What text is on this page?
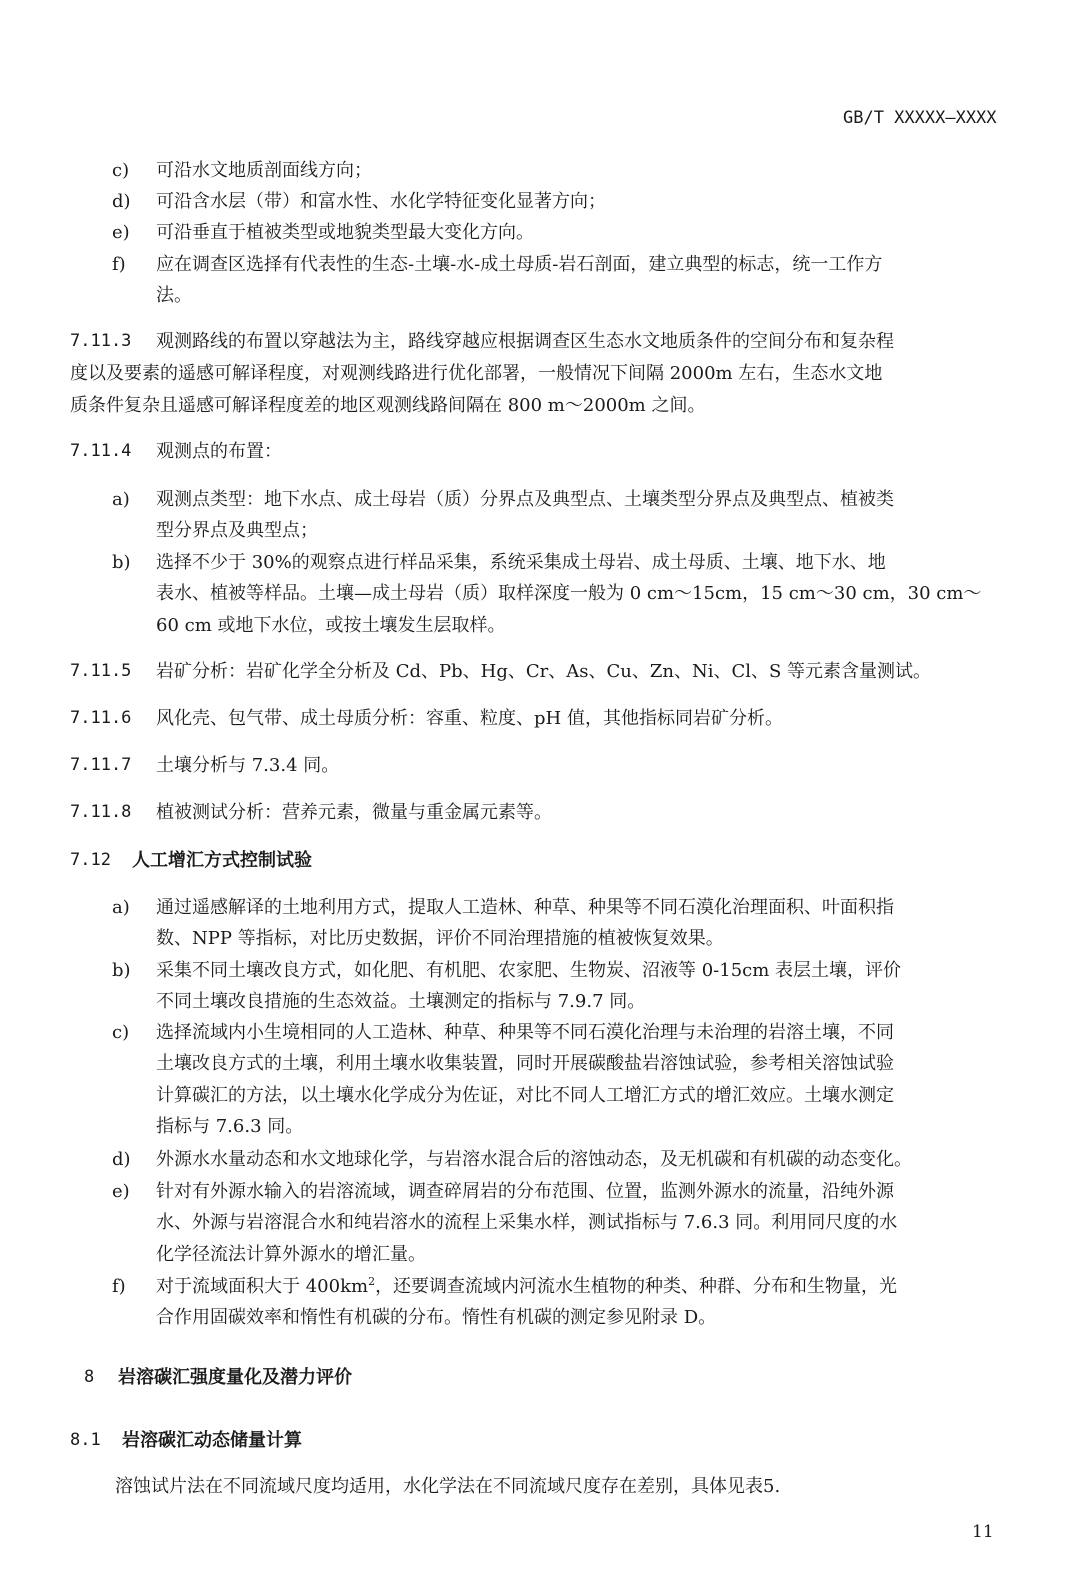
GB/T XXXXX—XXXX
c)	可沿水文地质剖面线方向；
d)	可沿含水层（带）和富水性、水化学特征变化显著方向；
e)	可沿垂直于植被类型或地貌类型最大变化方向。
f)	应在调查区选择有代表性的生态-土壤-水-成土母质-岩石剖面，建立典型的标志，统一工作方
法。
7.11.3 观测路线的布置以穿越法为主，路线穿越应根据调查区生态水文地质条件的空间分布和复杂程
度以及要素的遥感可解译程度，对观测线路进行优化部署，一般情况下间隔 2000m 左右，生态水文地
质条件复杂且遥感可解译程度差的地区观测线路间隔在 800 m～2000m 之间。
7.11.4 观测点的布置：
a)	观测点类型：地下水点、成土母岩（质）分界点及典型点、土壤类型分界点及典型点、植被类
型分界点及典型点；
b)	选择不少于 30%的观察点进行样品采集，系统采集成土母岩、成土母质、土壤、地下水、地
表水、植被等样品。土壤—成土母岩（质）取样深度一般为 0 cm～15cm，15 cm～30 cm，30 cm～
60 cm 或地下水位，或按土壤发生层取样。
7.11.5 岩矿分析：岩矿化学全分析及 Cd、Pb、Hg、Cr、As、Cu、Zn、Ni、Cl、S 等元素含量测试。
7.11.6 风化壳、包气带、成土母质分析：容重、粒度、pH 值，其他指标同岩矿分析。
7.11.7 土壤分析与 7.3.4 同。
7.11.8 植被测试分析：营养元素，微量与重金属元素等。
7.12 人工增汇方式控制试验
a)	通过遥感解译的土地利用方式，提取人工造林、种草、种果等不同石漠化治理面积、叶面积指
数、NPP 等指标，对比历史数据，评价不同治理措施的植被恢复效果。
b)	采集不同土壤改良方式，如化肥、有机肥、农家肥、生物炭、沼液等 0-15cm 表层土壤，评价
不同土壤改良措施的生态效益。土壤测定的指标与 7.9.7 同。
c)	选择流域内小生境相同的人工造林、种草、种果等不同石漠化治理与未治理的岩溶土壤，不同
土壤改良方式的土壤，利用土壤水收集装置，同时开展碳酸盐岩溶蚀试验，参考相关溶蚀试验
计算碳汇的方法，以土壤水化学成分为佐证，对比不同人工增汇方式的增汇效应。土壤水测定
指标与 7.6.3 同。
d)	外源水水量动态和水文地球化学，与岩溶水混合后的溶蚀动态，及无机碳和有机碳的动态变化。
e)	针对有外源水输入的岩溶流域，调查碎屑岩的分布范围、位置，监测外源水的流量，沿纯外源
水、外源与岩溶混合水和纯岩溶水的流程上采集水样，测试指标与 7.6.3 同。利用同尺度的水
化学径流法计算外源水的增汇量。
f)	对于流域面积大于 $400km^2$，还要调查流域内河流水生植物的种类、种群、分布和生物量，光
合作用固碳效率和惰性有机碳的分布。惰性有机碳的测定参见附录 D。
8 岩溶碳汇强度量化及潜力评价
8.1 岩溶碳汇动态储量计算
溶蚀试片法在不同流域尺度均适用，水化学法在不同流域尺度存在差别，具体见表5.
11
